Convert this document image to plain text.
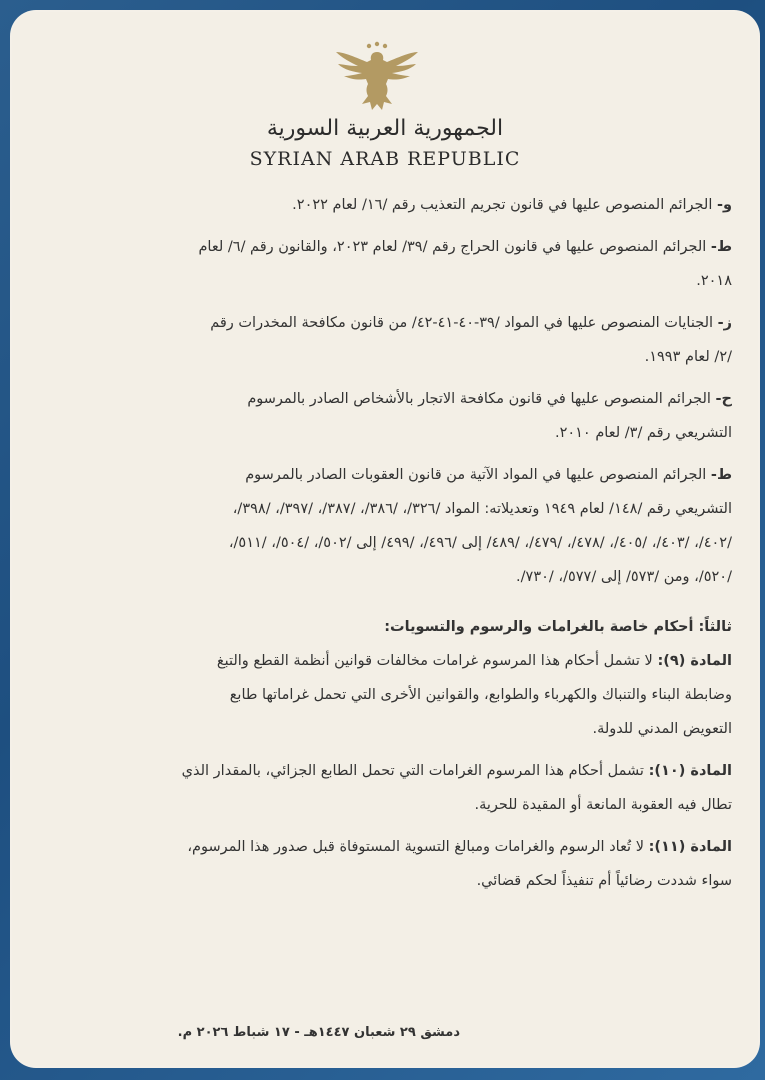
الجمهورية العربية السورية
SYRIAN ARAB REPUBLIC

و- الجرائم المنصوص عليها في قانون تجريم التعذيب رقم /١٦/ لعام ٢٠٢٢.

ط- الجرائم المنصوص عليها في قانون الحراج رقم /٣٩/ لعام ٢٠٢٣، والقانون رقم /٦/ لعام

٢٠١٨.

ز- الجنايات المنصوص عليها في المواد /٣٩-٤٠-٤١-٤٢/ من قانون مكافحة المخدرات رقم

/٢/ لعام ١٩٩٣.

ح- الجرائم المنصوص عليها في قانون مكافحة الاتجار بالأشخاص الصادر بالمرسوم

التشريعي رقم /٣/ لعام ٢٠١٠.

ط- الجرائم المنصوص عليها في المواد الآتية من قانون العقوبات الصادر بالمرسوم

التشريعي رقم /١٤٨/ لعام ١٩٤٩ وتعديلاته: المواد /٣٢٦/، /٣٨٦/، /٣٨٧/، /٣٩٧/، /٣٩٨/،

/٤٠٢/، /٤٠٣/، /٤٠٥/، /٤٧٨/، /٤٧٩/، /٤٨٩/ إلى /٤٩٦/، /٤٩٩/ إلى /٥٠٢/، /٥٠٤/، /٥١١/،

/٥٢٠/، ومن /٥٧٣/ إلى /٥٧٧/، /٧٣٠/.

ثالثاً: أحكام خاصة بالغرامات والرسوم والتسويات:

المادة (٩): لا تشمل أحكام هذا المرسوم غرامات مخالفات قوانين أنظمة القطع والتبغ

وضابطة البناء والتنباك والكهرباء والطوابع، والقوانين الأخرى التي تحمل غراماتها طابع

التعويض المدني للدولة.

المادة (١٠): تشمل أحكام هذا المرسوم الغرامات التي تحمل الطابع الجزائي، بالمقدار الذي

تطال فيه العقوبة المانعة أو المقيدة للحرية.

المادة (١١): لا تُعاد الرسوم والغرامات ومبالغ التسوية المستوفاة قبل صدور هذا المرسوم،

سواء شددت رضائياً أم تنفيذاً لحكم قضائي.

دمشق ٢٩ شعبان ١٤٤٧هـ - ١٧ شباط ٢٠٢٦ م.
